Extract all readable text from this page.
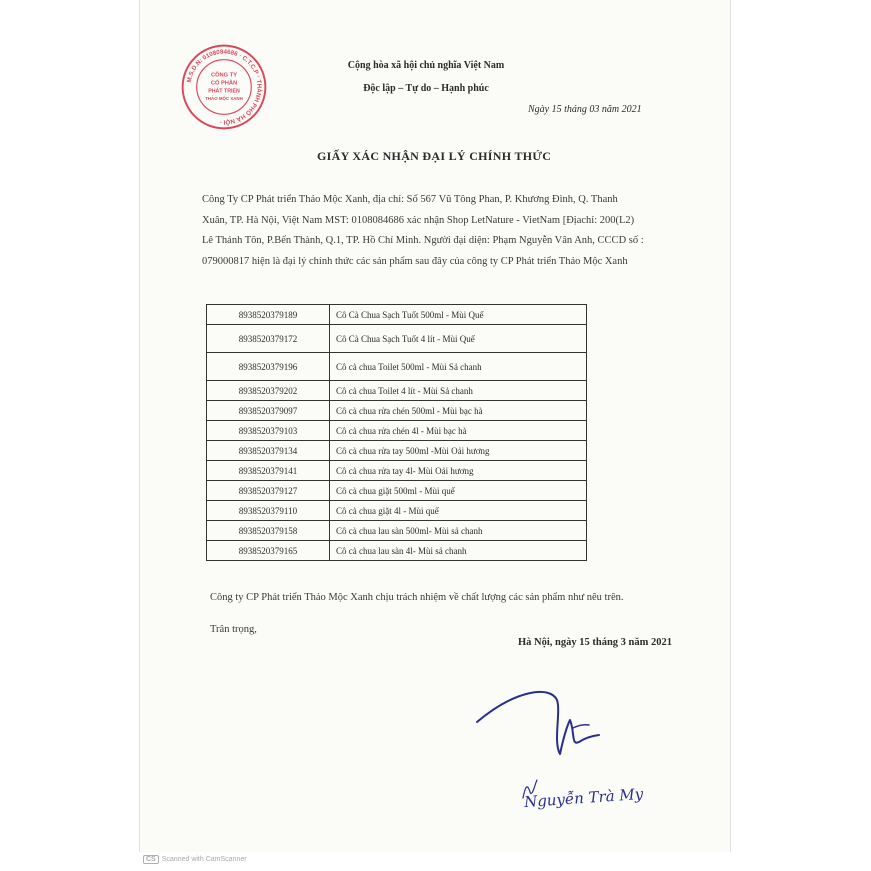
M.S.D.N: 0108084686 · C.T.C.P · THÀNH PHỐ HÀ NỘI ·
CÔNG TY
CỔ PHẦN
PHÁT TRIỂN
THẢO MỘC XANH
Cộng hòa xã hội chủ nghĩa Việt Nam
Độc lập – Tự do – Hạnh phúc
Ngày 15 tháng 03 năm 2021
GIẤY XÁC NHẬN ĐẠI LÝ CHÍNH THỨC
Công Ty CP Phát triển Thảo Mộc Xanh, địa chỉ: Số 567 Vũ Tông Phan, P. Khương Đình, Q. Thanh
Xuân, TP. Hà Nội, Việt Nam MST: 0108084686 xác nhận Shop LetNature - VietNam [Địachỉ: 200(L2)
Lê Thánh Tôn, P.Bến Thành, Q.1, TP. Hồ Chí Minh. Người đại diện: Phạm Nguyễn Vân Anh, CCCD số :
079000817 hiện là đại lý chính thức các sản phẩm sau đây của công ty CP Phát triển Thảo Mộc Xanh
8938520379189	Cô Cà Chua Sạch Tuốt 500ml - Mùi Quế
8938520379172	Cô Cà Chua Sạch Tuốt 4 lít - Mùi Quế
8938520379196	Cô cà chua Toilet 500ml - Mùi Sả chanh
8938520379202	Cô cà chua Toilet 4 lít - Mùi Sả chanh
8938520379097	Cô cà chua rửa chén 500ml - Mùi bạc hà
8938520379103	Cô cà chua rửa chén 4l - Mùi bạc hà
8938520379134	Cô cà chua rửa tay 500ml -Mùi Oải hương
8938520379141	Cô cà chua rửa tay 4l- Mùi Oải hương
8938520379127	Cô cà chua giặt 500ml - Mùi quế
8938520379110	Cô cà chua giặt 4l - Mùi quế
8938520379158	Cô cà chua lau sàn 500ml- Mùi sả chanh
8938520379165	Cô cà chua lau sàn 4l- Mùi sả chanh
Công ty CP Phát triển Thảo Mộc Xanh chịu trách nhiệm về chất lượng các sản phẩm như nêu trên.
Trân trọng,
Hà Nội, ngày 15 tháng 3 năm 2021
Nguyễn Trà My
CS Scanned with CamScanner
